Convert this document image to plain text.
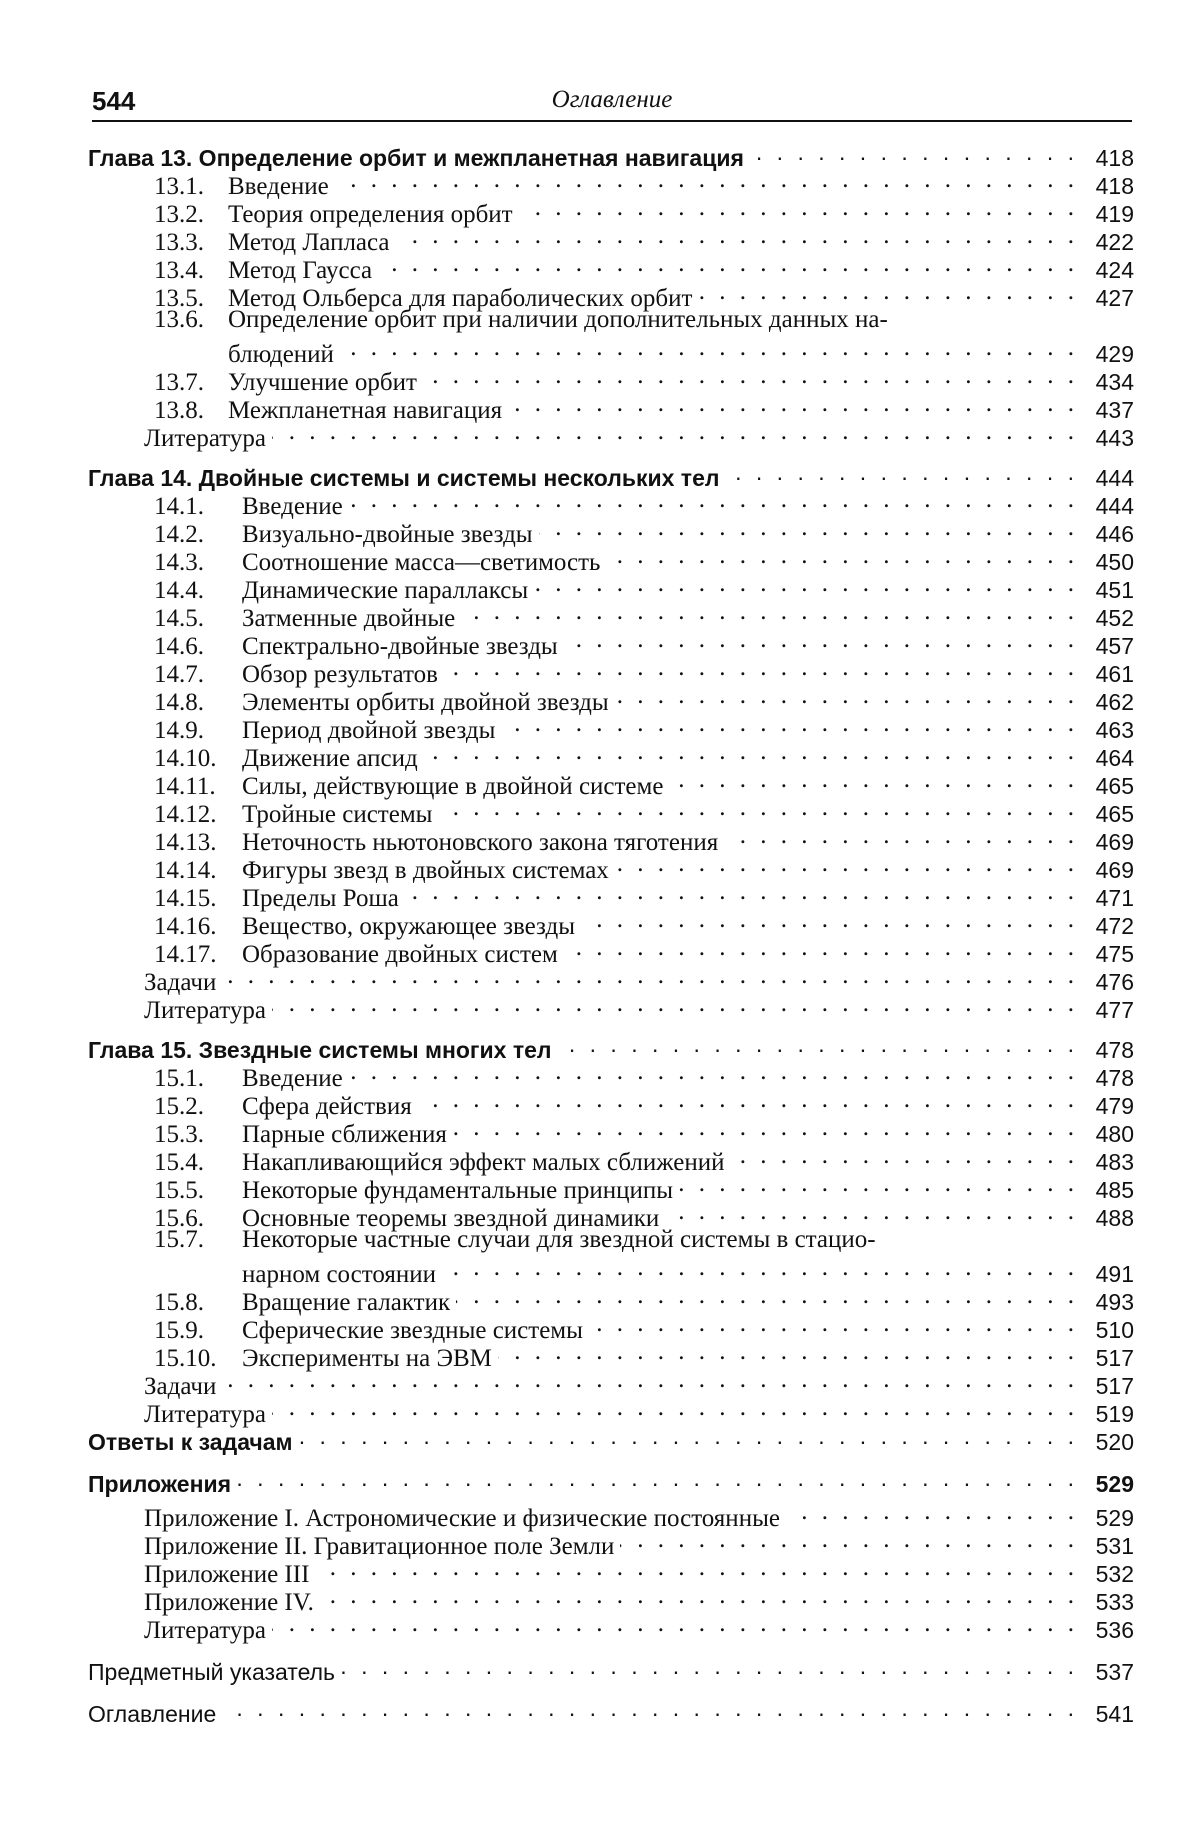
544	Оглавление
Глава 13. Определение орбит и межпланетная навигация . . .	418
13.1. Введение . . .	418
13.2. Теория определения орбит . . .	419
13.3. Метод Лапласа . . .	422
13.4. Метод Гаусса . . .	424
13.5. Метод Ольберса для параболических орбит . . .	427
13.6. Определение орбит при наличии дополнительных данных на-
блюдений . . .	429
13.7. Улучшение орбит . . .	434
13.8. Межпланетная навигация . . .	437
Литература . . .	443
Глава 14. Двойные системы и системы нескольких тел . . .	444
14.1.	Введение . . .	444
14.2.	Визуально-двойные звезды . . .	446
14.3.	Соотношение масса—светимость . . .	450
14.4.	Динамические параллаксы . . .	451
14.5.	Затменные двойные . . .	452
14.6.	Спектрально-двойные звезды . . .	457
14.7.	Обзор результатов . . .	461
14.8.	Элементы орбиты двойной звезды . . .	462
14.9.	Период двойной звезды . . .	463
14.10.	Движение апсид . . .	464
14.11.	Силы, действующие в двойной системе . . .	465
14.12.	Тройные системы . . .	465
14.13.	Неточность ньютоновского закона тяготения . . .	469
14.14.	Фигуры звезд в двойных системах . . .	469
14.15.	Пределы Роша . . .	471
14.16.	Вещество, окружающее звезды . . .	472
14.17.	Образование двойных систем . . .	475
Задачи . . .	476
Литература . . .	477
Глава 15. Звездные системы многих тел . . .	478
15.1.	Введение . . .	478
15.2.	Сфера действия . . .	479
15.3.	Парные сближения . . .	480
15.4.	Накапливающийся эффект малых сближений . . .	483
15.5.	Некоторые фундаментальные принципы . . .	485
15.6.	Основные теоремы звездной динамики . . .	488
15.7.	Некоторые частные случаи для звездной системы в стацио-
нарном состоянии . . .	491
15.8.	Вращение галактик . . .	493
15.9.	Сферические звездные системы . . .	510
15.10.	Эксперименты на ЭВМ . . .	517
Задачи . . .	517
Литература . . .	519
Ответы к задачам . . .	520
Приложения . . .	529
Приложение I. Астрономические и физические постоянные . . .	529
Приложение II. Гравитационное поле Земли . . .	531
Приложение III . . .	532
Приложение IV. . . .	533
Литература . . .	536
Предметный указатель . . .	537
Оглавление . . .	541
